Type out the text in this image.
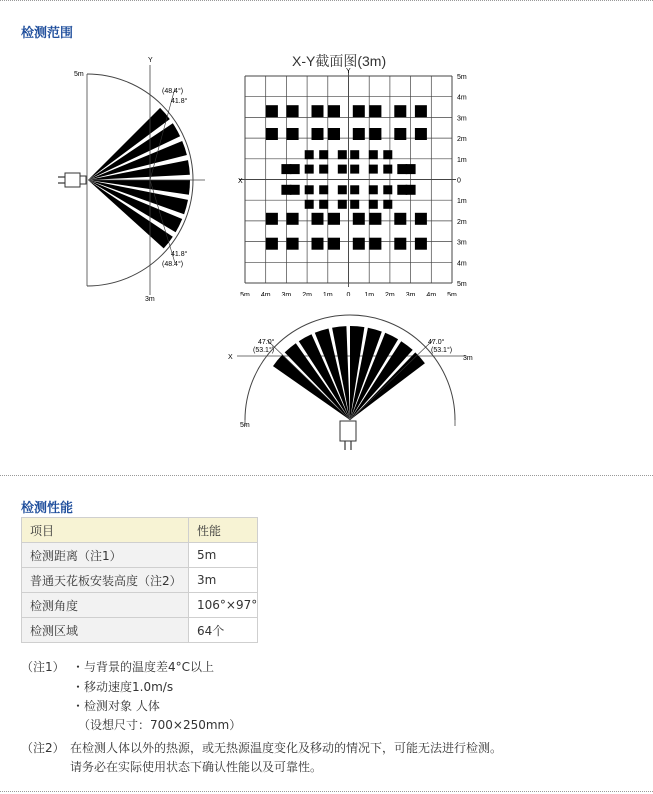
检测范围
Y
5m
3m
(48.4°)
41.8°
41.8°
(48.4°)
X-Y截面图(3m)
5m
4m
3m
2m
1m
0
1m
2m
3m
4m
5m
5m 4m 3m 2m 1m 0 1m 2m 3m 4m 5m
Y
X
X
47.0°
(53.1°)
47.0°
(53.1°)
3m
5m
检测性能
项目	性能
检测距离（注1）	5m
普通天花板安装高度（注2）	3m
检测角度	106°×97°
检测区域	64个
（注1） ・与背景的温度差4°C以上
・移动速度1.0m/s
・检测对象 人体
（设想尺寸：700×250mm）
（注2） 在检测人体以外的热源，或无热源温度变化及移动的情况下，可能无法进行检测。
请务必在实际使用状态下确认性能以及可靠性。
